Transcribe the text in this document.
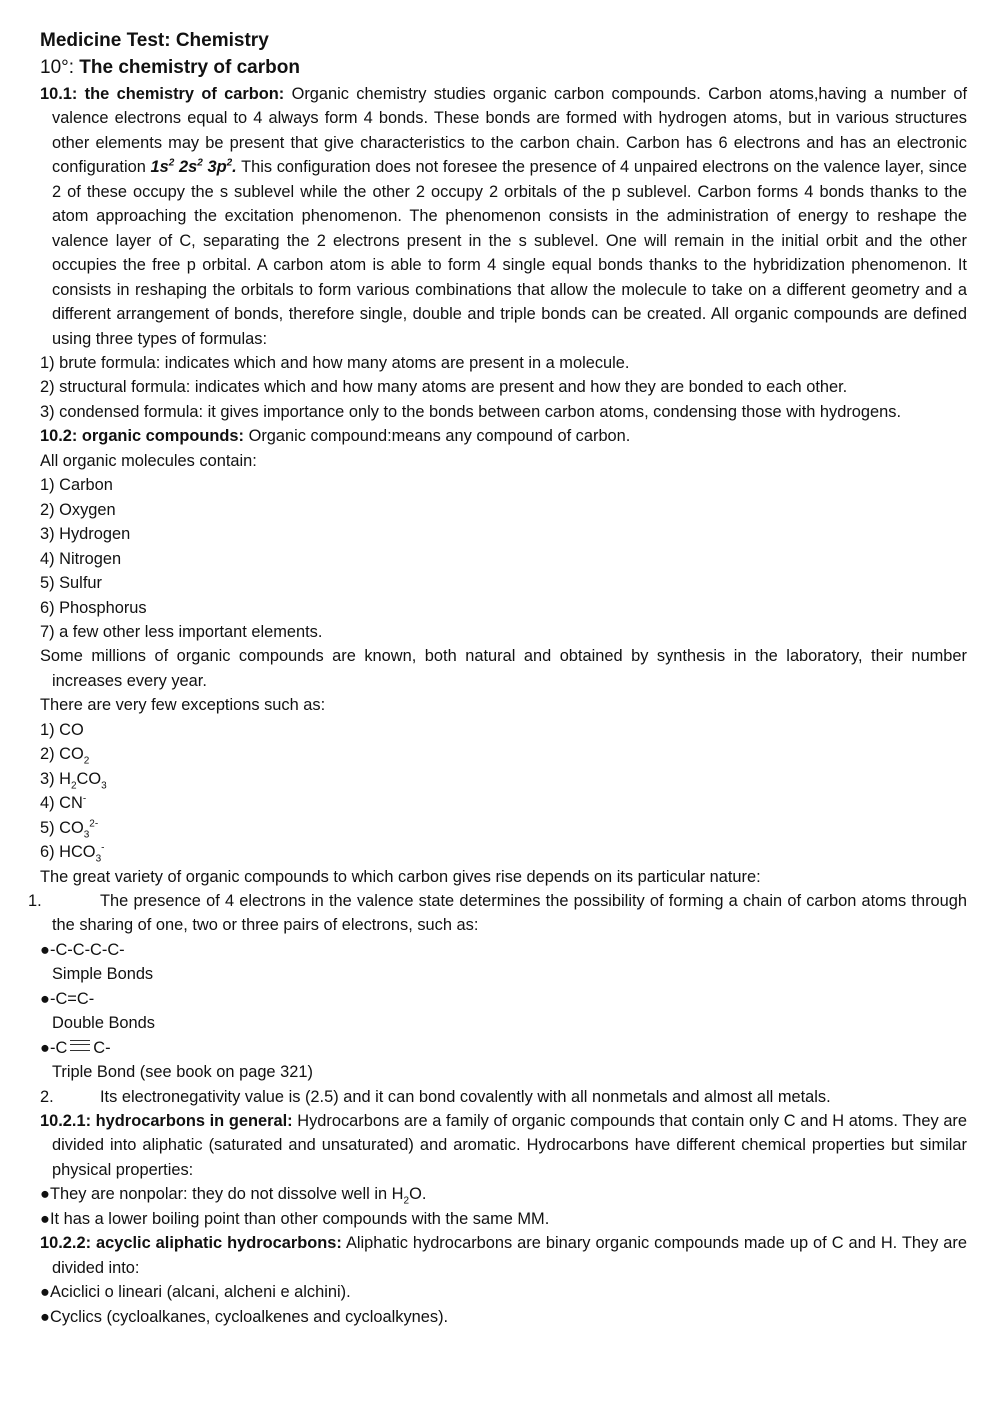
Medicine Test: Chemistry
10°: The chemistry of carbon

10.1: the chemistry of carbon: Organic chemistry studies organic carbon compounds. Carbon atoms,having a number of valence electrons equal to 4 always form 4 bonds. These bonds are formed with hydrogen atoms, but in various structures other elements may be present that give characteristics to the carbon chain. Carbon has 6 electrons and has an electronic configuration $1s^2$ $2s^2$ $3p^2$. This configuration does not foresee the presence of 4 unpaired electrons on the valence layer, since 2 of these occupy the s sublevel while the other 2 occupy 2 orbitals of the p sublevel. Carbon forms 4 bonds thanks to the atom approaching the excitation phenomenon. The phenomenon consists in the administration of energy to reshape the valence layer of C, separating the 2 electrons present in the s sublevel. One will remain in the initial orbit and the other occupies the free p orbital. A carbon atom is able to form 4 single equal bonds thanks to the hybridization phenomenon. It consists in reshaping the orbitals to form various combinations that allow the molecule to take on a different geometry and a different arrangement of bonds, therefore single, double and triple bonds can be created. All organic compounds are defined using three types of formulas:

1) brute formula: indicates which and how many atoms are present in a molecule.

2) structural formula: indicates which and how many atoms are present and how they are bonded to each other.

3) condensed formula: it gives importance only to the bonds between carbon atoms, condensing those with hydrogens.

10.2: organic compounds: Organic compound:means any compound of carbon.

All organic molecules contain:

1) Carbon

2) Oxygen

3) Hydrogen

4) Nitrogen

5) Sulfur

6) Phosphorus

7) a few other less important elements.

Some millions of organic compounds are known, both natural and obtained by synthesis in the laboratory, their number increases every year.

There are very few exceptions such as:

1) CO

2) $CO_2$

3) $H_2CO_3$

4) CN-

5) $CO_3^{2-}$

6) $HCO_3^-$

The great variety of organic compounds to which carbon gives rise depends on its particular nature:

1.	The presence of 4 electrons in the valence state determines the possibility of forming a chain of carbon atoms through the sharing of one, two or three pairs of electrons, such as:

●-C-C-C-C-

Simple Bonds

●-C=C-

Double Bonds

●-C C-

Triple Bond (see book on page 321)

2.	Its electronegativity value is (2.5) and it can bond covalently with all nonmetals and almost all metals.

10.2.1: hydrocarbons in general: Hydrocarbons are a family of organic compounds that contain only C and H atoms. They are divided into aliphatic (saturated and unsaturated) and aromatic. Hydrocarbons have different chemical properties but similar physical properties:

●They are nonpolar: they do not dissolve well in $H_2O$.

●It has a lower boiling point than other compounds with the same MM.

10.2.2: acyclic aliphatic hydrocarbons: Aliphatic hydrocarbons are binary organic compounds made up of C and H. They are divided into:

●Aciclici o lineari (alcani, alcheni e alchini).

●Cyclics (cycloalkanes, cycloalkenes and cycloalkynes).
